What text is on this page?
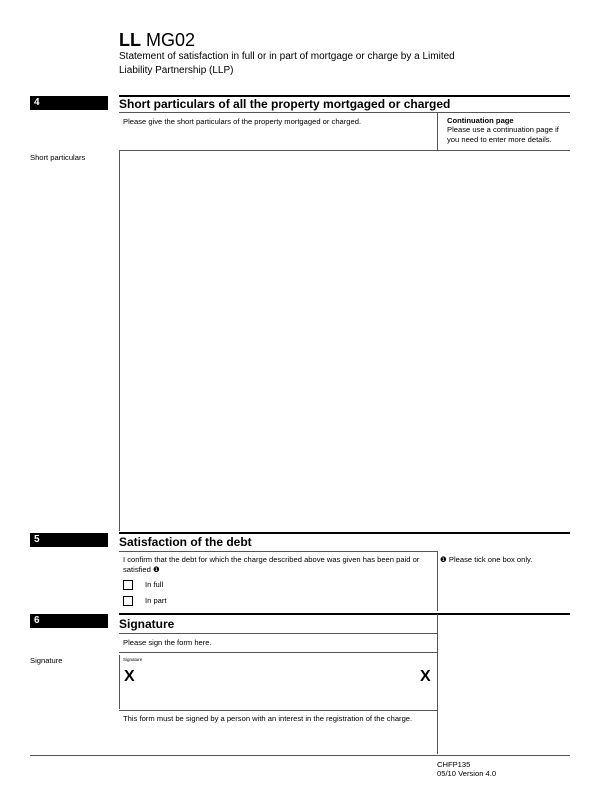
LL MG02
Statement of satisfaction in full or in part of mortgage or charge by a Limited Liability Partnership (LLP)
4	Short particulars of all the property mortgaged or charged
Please give the short particulars of the property mortgaged or charged.	Continuation page
Please use a continuation page if you need to enter more details.
Short particulars
5	Satisfaction of the debt
I confirm that the debt for which the charge described above was given has been paid or satisfied ❶
In full
In part
❶ Please tick one box only.
6	Signature
Please sign the form here.
Signature	Signature
X	X
This form must be signed by a person with an interest in the registration of the charge.
CHFP135
05/10 Version 4.0
